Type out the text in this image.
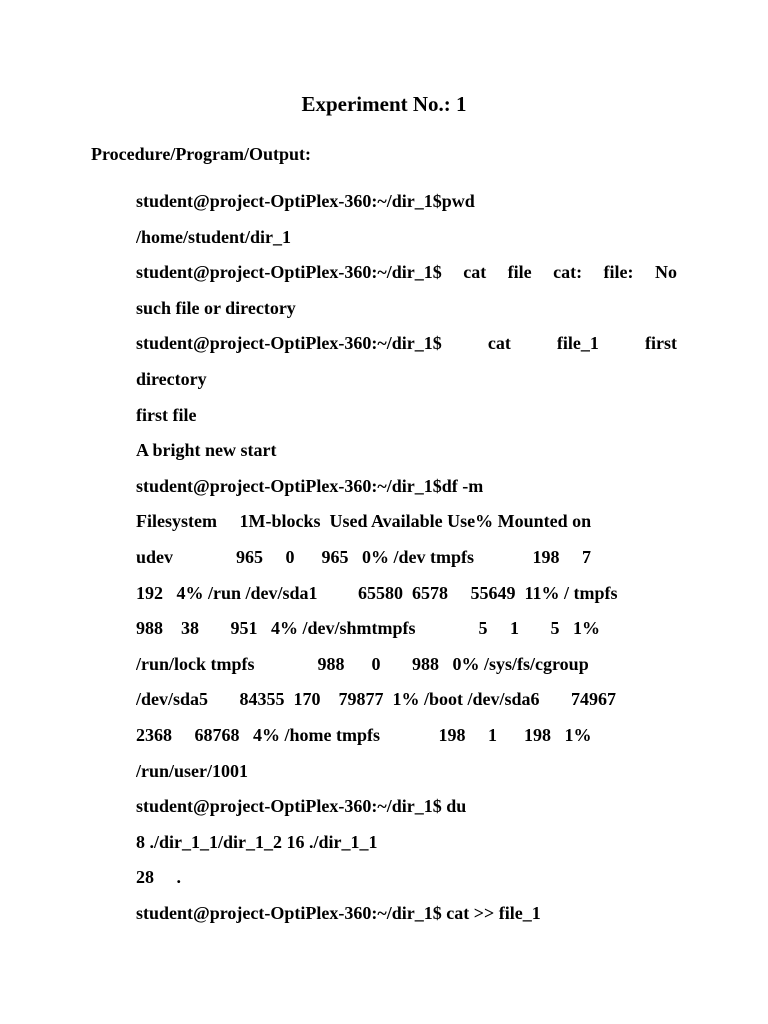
Experiment No.: 1
Procedure/Program/Output:
student@project-OptiPlex-360:~/dir_1$pwd
/home/student/dir_1
student@project-OptiPlex-360:~/dir_1$ cat file cat: file: No
such file or directory
student@project-OptiPlex-360:~/dir_1$ cat file_1 first
directory
first file
A bright new start
student@project-OptiPlex-360:~/dir_1$df -m
Filesystem     1M-blocks  Used Available Use% Mounted on
udev              965     0      965   0% /dev tmpfs             198     7
192   4% /run /dev/sda1         65580  6578     55649  11% / tmpfs
988    38       951   4% /dev/shmtmpfs              5     1       5   1%
/run/lock tmpfs              988      0       988   0% /sys/fs/cgroup
/dev/sda5       84355  170    79877  1% /boot /dev/sda6       74967
2368     68768   4% /home tmpfs             198     1      198   1%
/run/user/1001
student@project-OptiPlex-360:~/dir_1$ du
8 ./dir_1_1/dir_1_2 16 ./dir_1_1
28     .
student@project-OptiPlex-360:~/dir_1$ cat >> file_1
